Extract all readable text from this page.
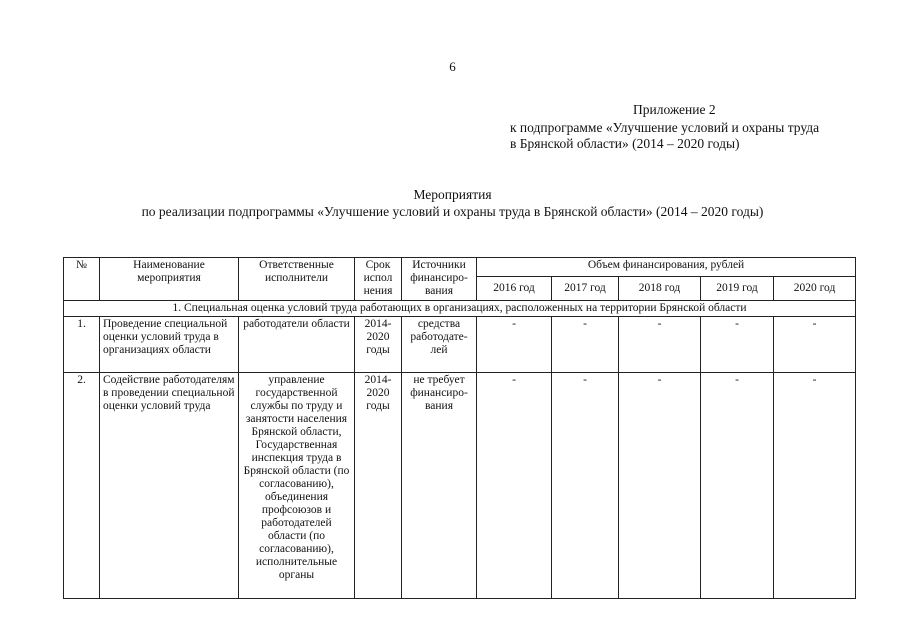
6
Приложение 2
к подпрограмме «Улучшение условий и охраны труда
в Брянской области» (2014 – 2020 годы)
Мероприятия
по реализации подпрограммы «Улучшение условий и охраны труда в Брянской области» (2014 – 2020 годы)
№	Наименование мероприятия	Ответственные исполнители	Срок испол нения	Источники финансиро-вания	Объем финансирования, рублей				
					2016 год	2017 год	2018 год	2019 год	2020 год
1. Специальная оценка условий труда работающих в организациях, расположенных на территории Брянской области									
1.	Проведение специальной оценки условий труда в организациях области	работодатели области	2014-2020 годы	средства работодате-лей	-	-	-	-	-
2.	Содействие работодателям в проведении специальной оценки условий труда	управление государственной службы по труду и занятости населения Брянской области, Государственная инспекция труда в Брянской области (по согласованию), объединения профсоюзов и работодателей области (по согласованию), исполнительные органы	2014-2020 годы	не требует финансиро-вания	-	-	-	-	-
